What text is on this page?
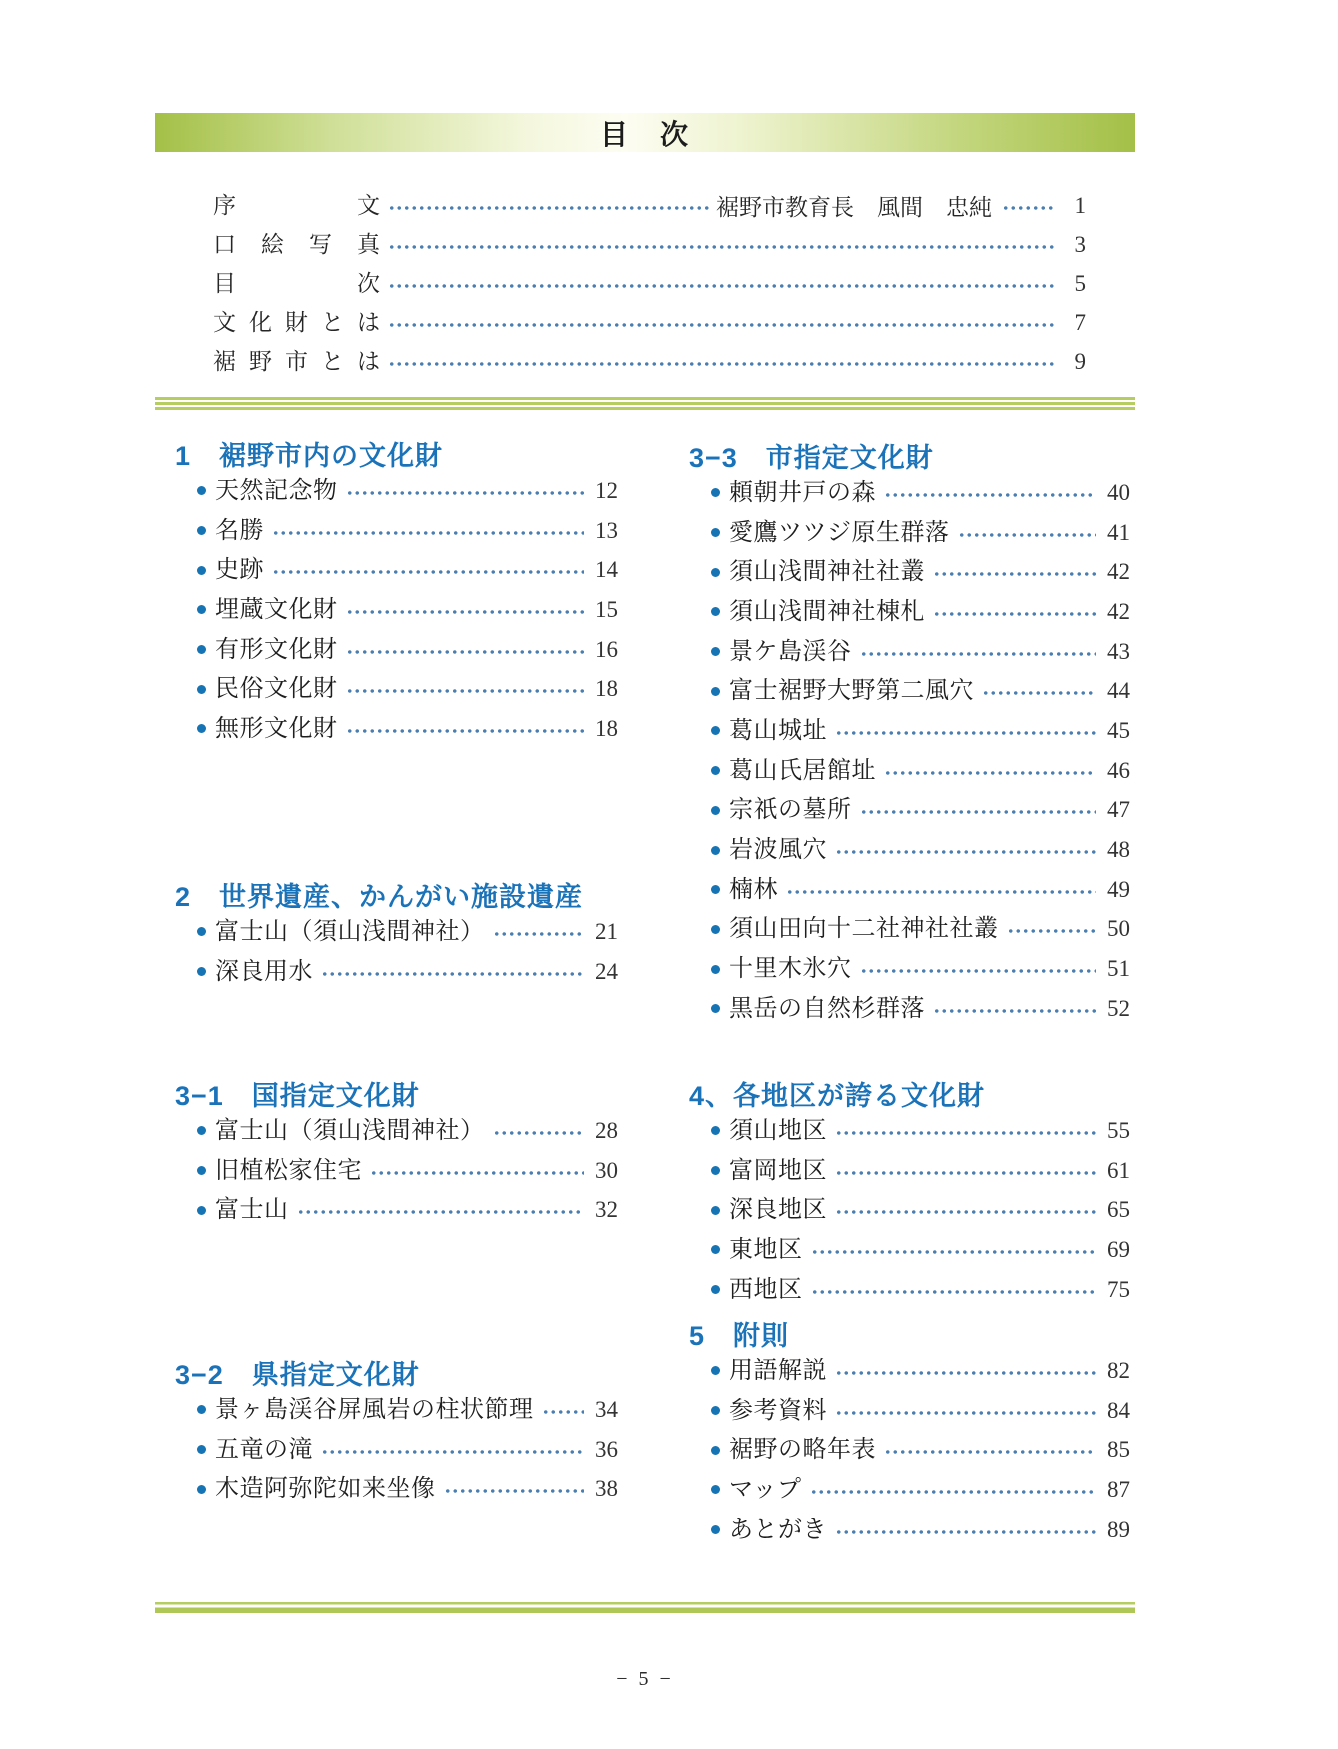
目　次
序文	裾野市教育長　風間　忠純	1
口絵写真	3
目次	5
文化財とは	7
裾野市とは	9
1　裾野市内の文化財
天然記念物	12
名勝	13
史跡	14
埋蔵文化財	15
有形文化財	16
民俗文化財	18
無形文化財	18
2　世界遺産、かんがい施設遺産
富士山（須山浅間神社）	21
深良用水	24
3−1　国指定文化財
富士山（須山浅間神社）	28
旧植松家住宅	30
富士山	32
3−2　県指定文化財
景ヶ島渓谷屏風岩の柱状節理	34
五竜の滝	36
木造阿弥陀如来坐像	38
3−3　市指定文化財
頼朝井戸の森	40
愛鷹ツツジ原生群落	41
須山浅間神社社叢	42
須山浅間神社棟札	42
景ケ島渓谷	43
富士裾野大野第二風穴	44
葛山城址	45
葛山氏居館址	46
宗祇の墓所	47
岩波風穴	48
楠林	49
須山田向十二社神社社叢	50
十里木氷穴	51
黒岳の自然杉群落	52
4、各地区が誇る文化財
須山地区	55
富岡地区	61
深良地区	65
東地区	69
西地区	75
5　附則
用語解説	82
参考資料	84
裾野の略年表	85
マップ	87
あとがき	89
− 5 −
